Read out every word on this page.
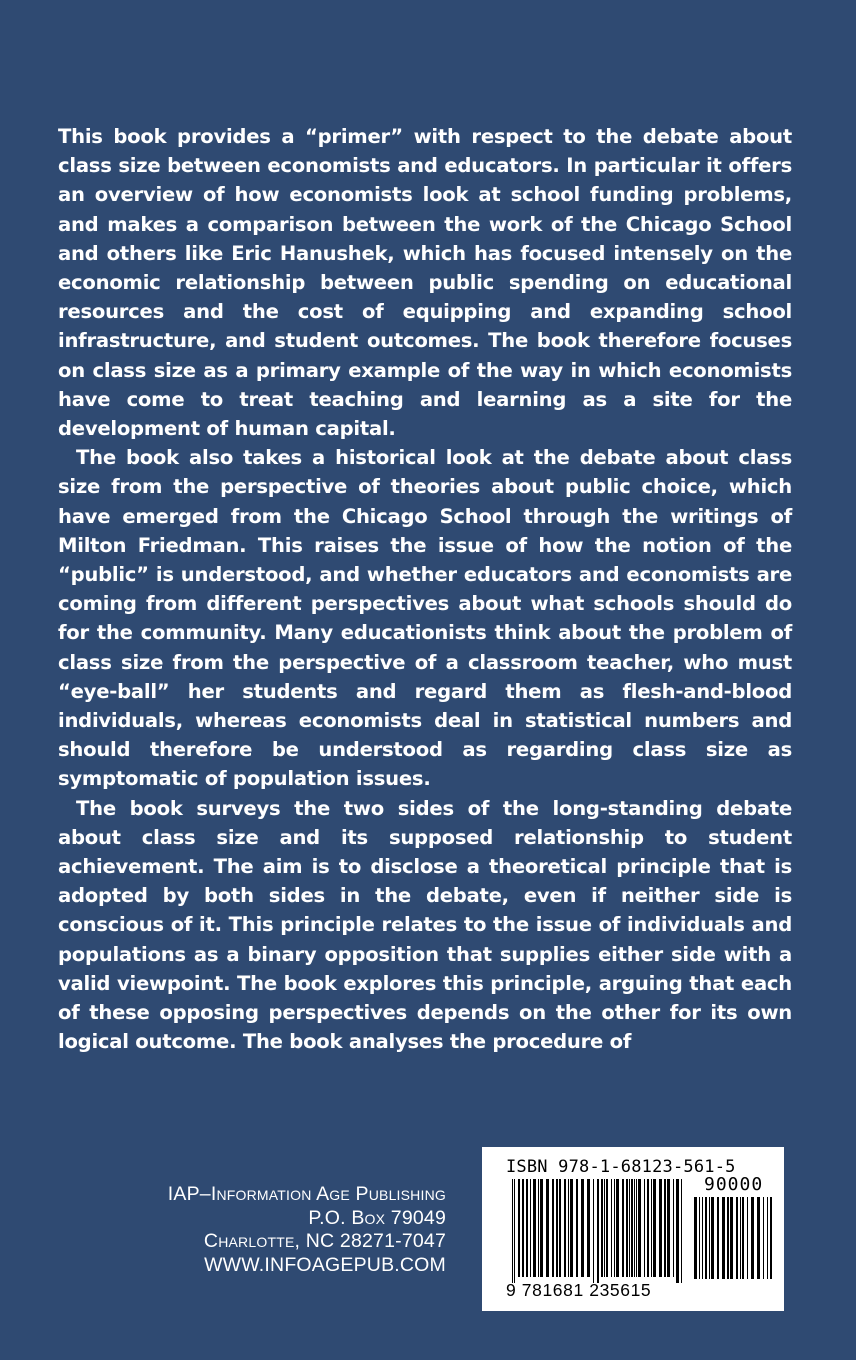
This book provides a “primer” with respect to the debate about class size between economists and educators. In particular it offers an overview of how economists look at school funding problems, and makes a comparison between the work of the Chicago School and others like Eric Hanushek, which has focused intensely on the economic relationship between public spending on educational resources and the cost of equipping and expanding school infrastructure, and student outcomes. The book therefore focuses on class size as a primary example of the way in which economists have come to treat teaching and learning as a site for the development of human capital.

The book also takes a historical look at the debate about class size from the perspective of theories about public choice, which have emerged from the Chicago School through the writings of Milton Friedman. This raises the issue of how the notion of the “public” is understood, and whether educators and economists are coming from different perspectives about what schools should do for the community. Many educationists think about the problem of class size from the perspective of a classroom teacher, who must “eye-ball” her students and regard them as flesh-and-blood individuals, whereas economists deal in statistical numbers and should therefore be understood as regarding class size as symptomatic of population issues.

The book surveys the two sides of the long-standing debate about class size and its supposed relationship to student achievement. The aim is to disclose a theoretical principle that is adopted by both sides in the debate, even if neither side is conscious of it. This principle relates to the issue of individuals and populations as a binary opposition that supplies either side with a valid viewpoint. The book explores this principle, arguing that each of these opposing perspectives depends on the other for its own logical outcome. The book analyses the procedure of

IAP–Information Age Publishing
P.O. Box 79049
Charlotte, NC 28271-7047
WWW.INFOAGEPUB.COM
ISBN 978-1-68123-561-5
90000
9 781681 235615
